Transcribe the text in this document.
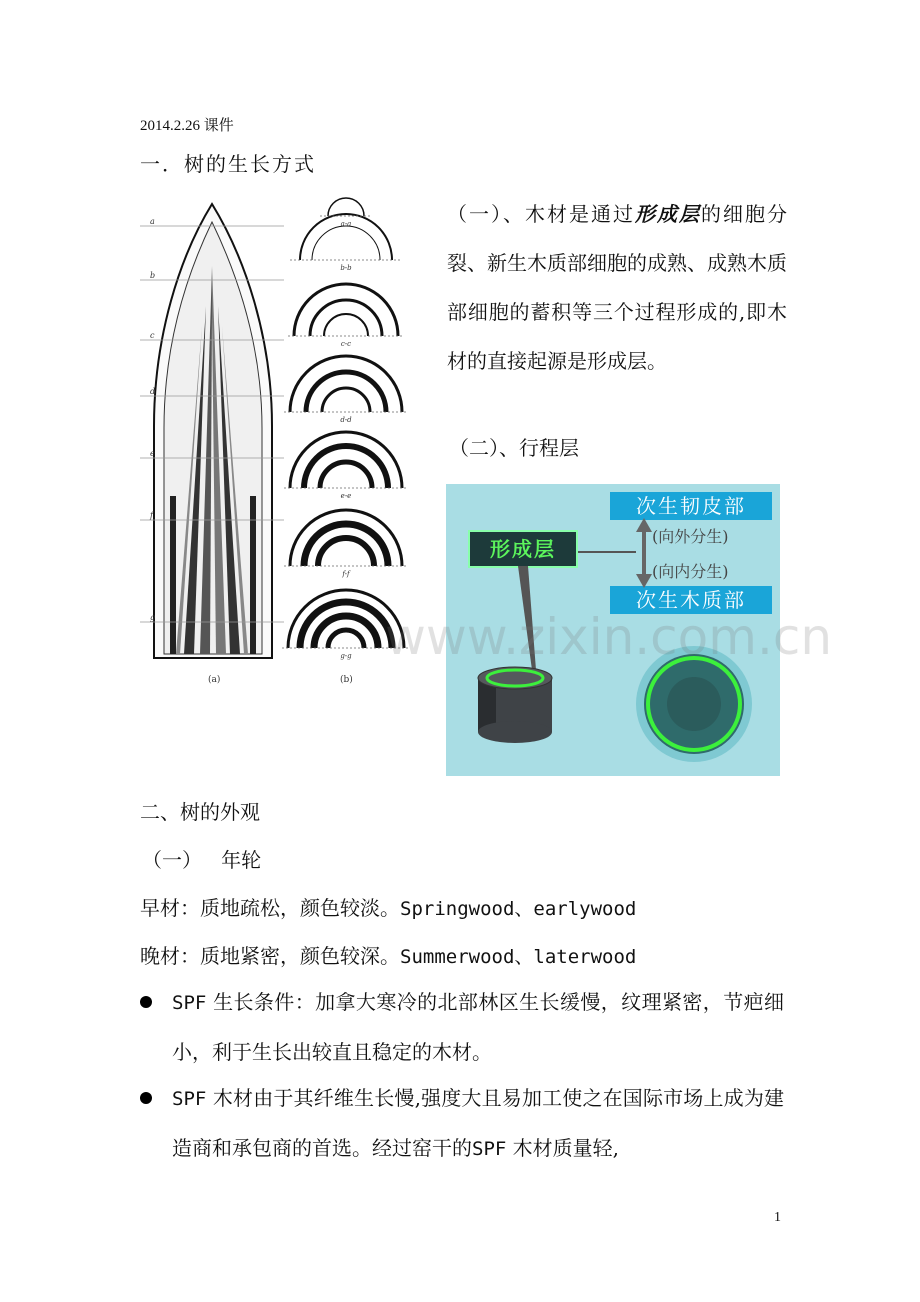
2014.2.26 课件
一．树的生长方式
a
b
c
d
e
f
g
(a)
a-a
b-b
c-c
d-d
e-e
f-f
g-g
(b)
（一）、木材是通过形成层的细胞分裂、新生木质部细胞的成熟、成熟木质部细胞的蓄积等三个过程形成的,即木材的直接起源是形成层。
（二）、行程层
次生韧皮部
次生木质部
形成层
(向外分生)
(向内分生)
www.zixin.com.cn
二、树的外观
（一）   年轮
早材：质地疏松，颜色较淡。Springwood、earlywood
晚材：质地紧密，颜色较深。Summerwood、laterwood
SPF 生长条件：加拿大寒冷的北部林区生长缓慢，纹理紧密，节疤细小，利于生长出较直且稳定的木材。
SPF 木材由于其纤维生长慢,强度大且易加工使之在国际市场上成为建造商和承包商的首选。经过窑干的SPF 木材质量轻,
1
